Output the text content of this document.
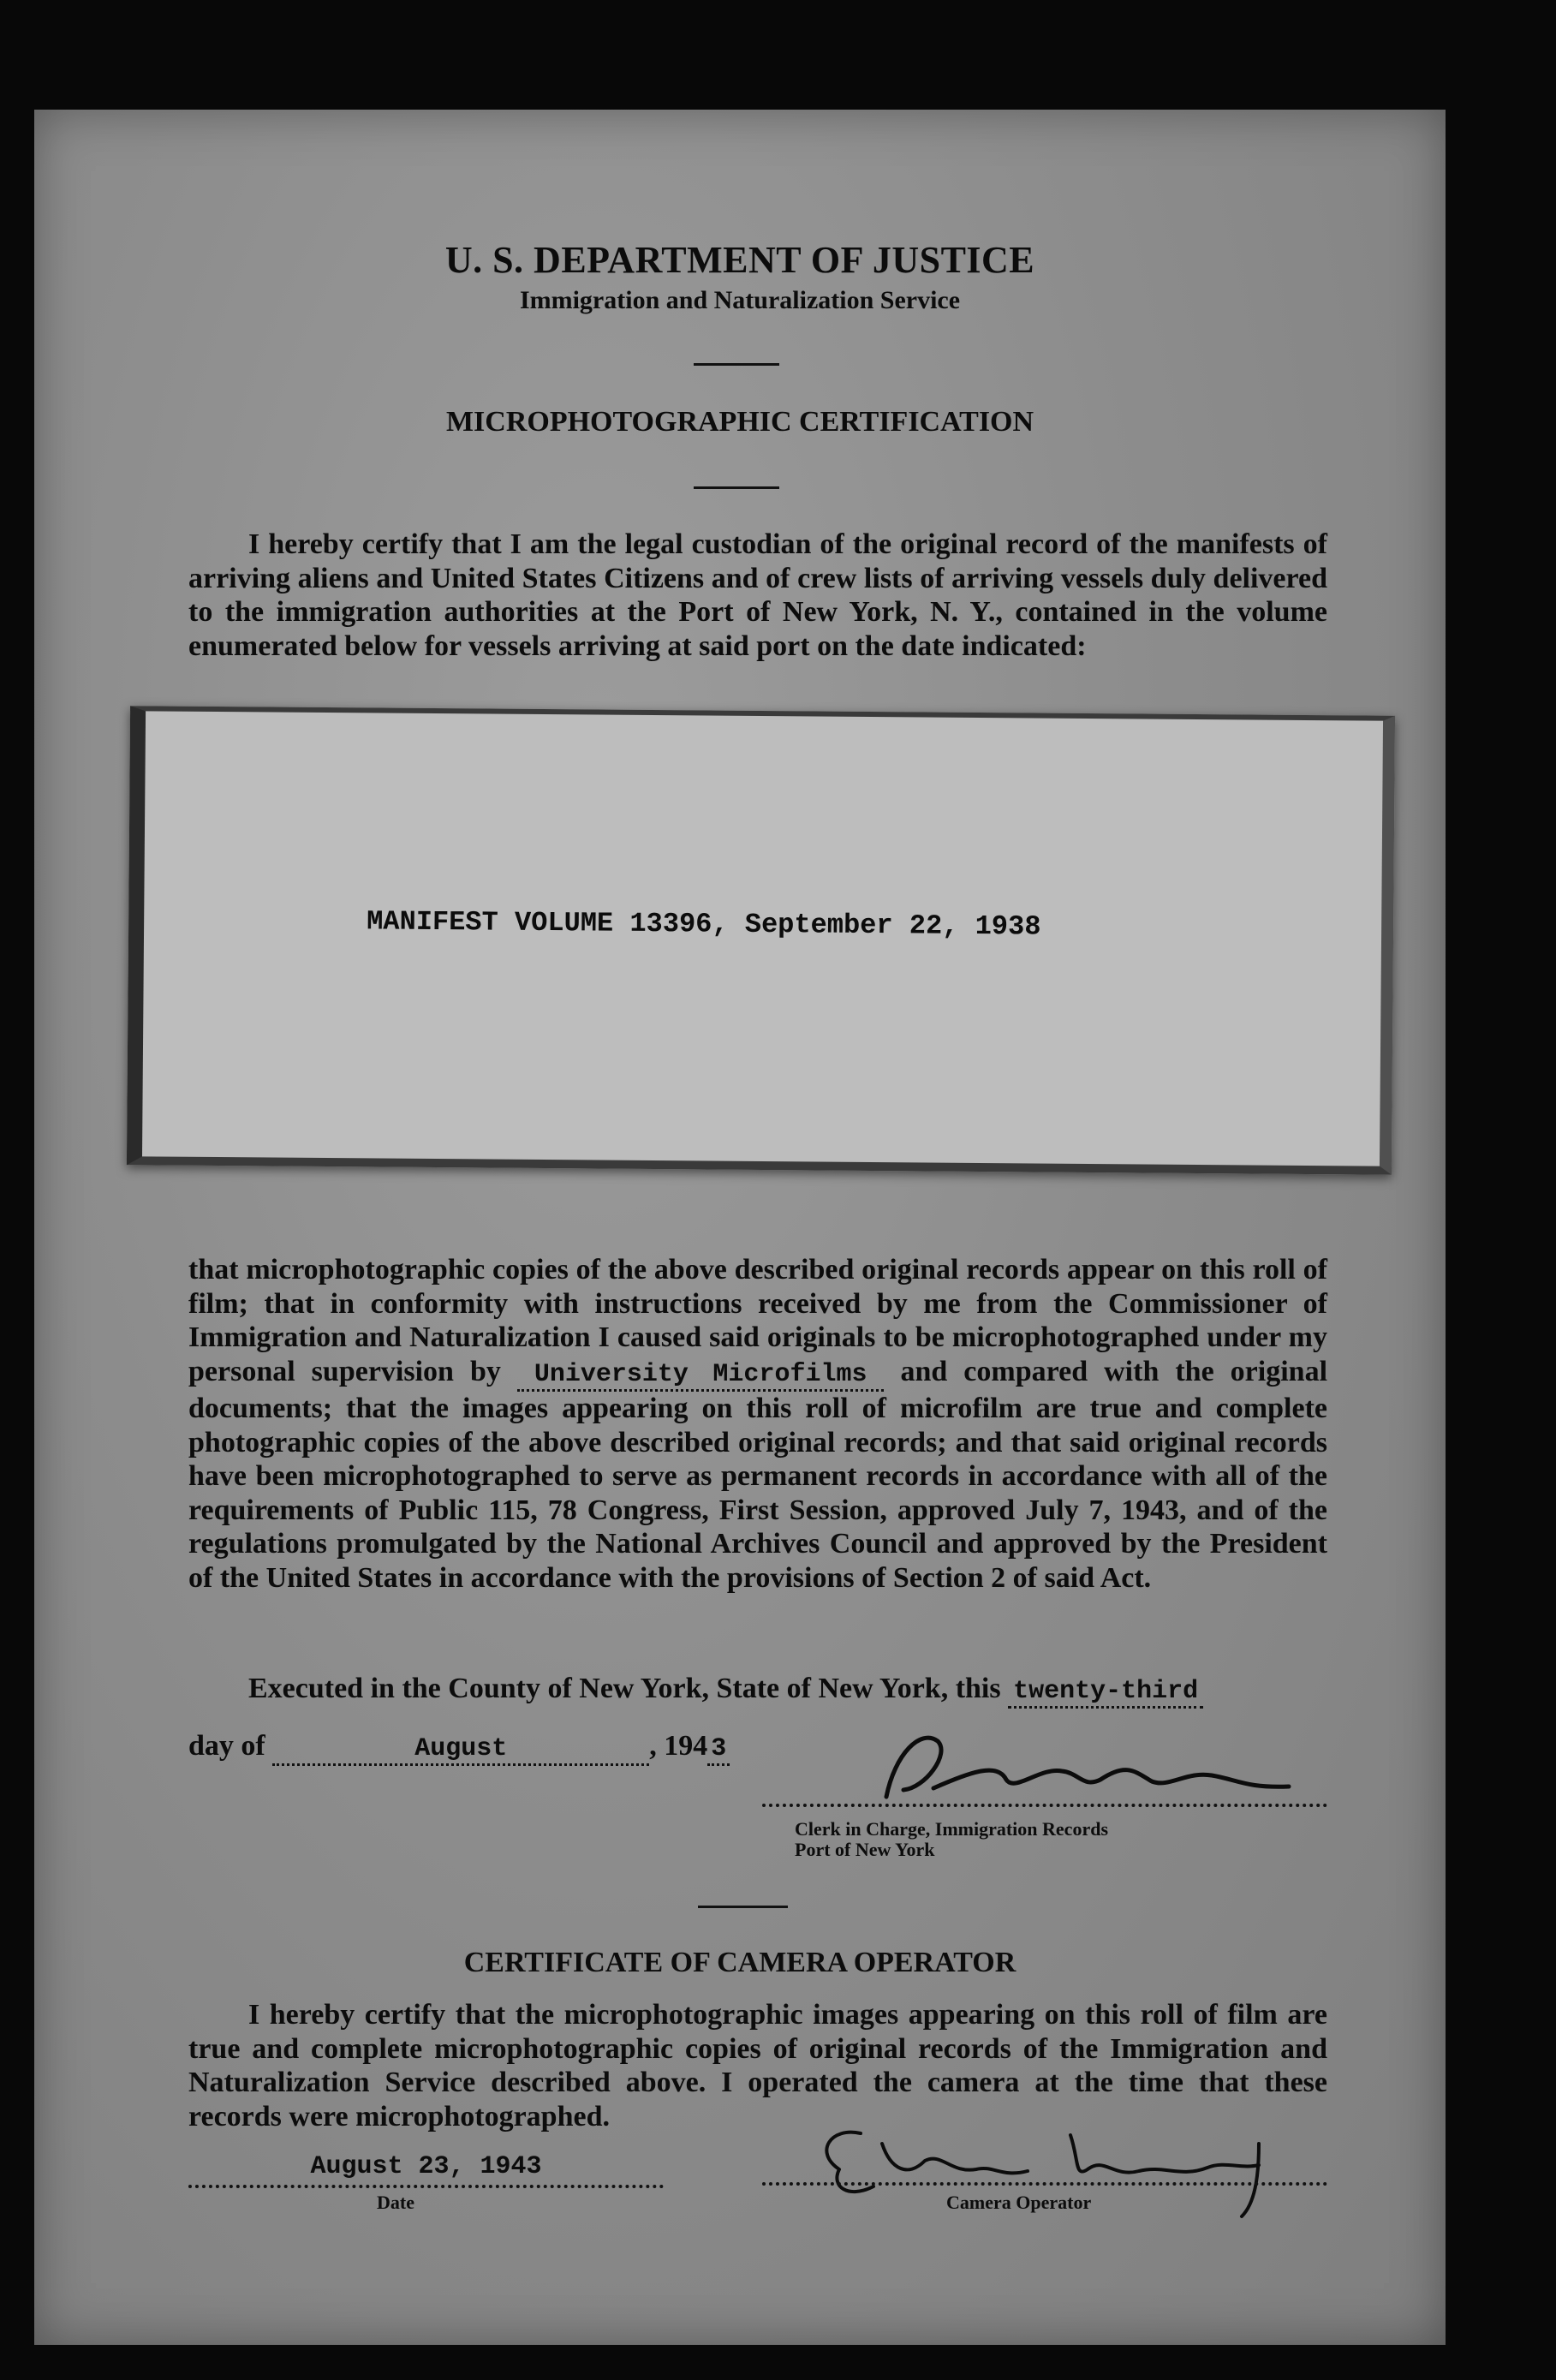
U. S. DEPARTMENT OF JUSTICE
Immigration and Naturalization Service
MICROPHOTOGRAPHIC CERTIFICATION
I hereby certify that I am the legal custodian of the original record of the manifests of arriving aliens and United States Citizens and of crew lists of arriving vessels duly delivered to the immigration authorities at the Port of New York, N. Y., contained in the volume enumerated below for vessels arriving at said port on the date indicated:
MANIFEST VOLUME 13396, September 22, 1938
that microphotographic copies of the above described original records appear on this roll of film; that in conformity with instructions received by me from the Commissioner of Immigration and Naturalization I caused said originals to be microphotographed under my personal supervision by University Microfilms and compared with the original documents; that the images appearing on this roll of microfilm are true and complete photographic copies of the above described original records; and that said original records have been microphotographed to serve as permanent records in accordance with all of the requirements of Public 115, 78 Congress, First Session, approved July 7, 1943, and of the regulations promulgated by the National Archives Council and approved by the President of the United States in accordance with the provisions of Section 2 of said Act.
Executed in the County of New York, State of New York, this twenty-third
day of	August	, 194 3
Clerk in Charge, Immigration Records
Port of New York
CERTIFICATE OF CAMERA OPERATOR
I hereby certify that the microphotographic images appearing on this roll of film are true and complete microphotographic copies of original records of the Immigration and Naturalization Service described above. I operated the camera at the time that these records were microphotographed.
August 23, 1943
Date	Camera Operator
